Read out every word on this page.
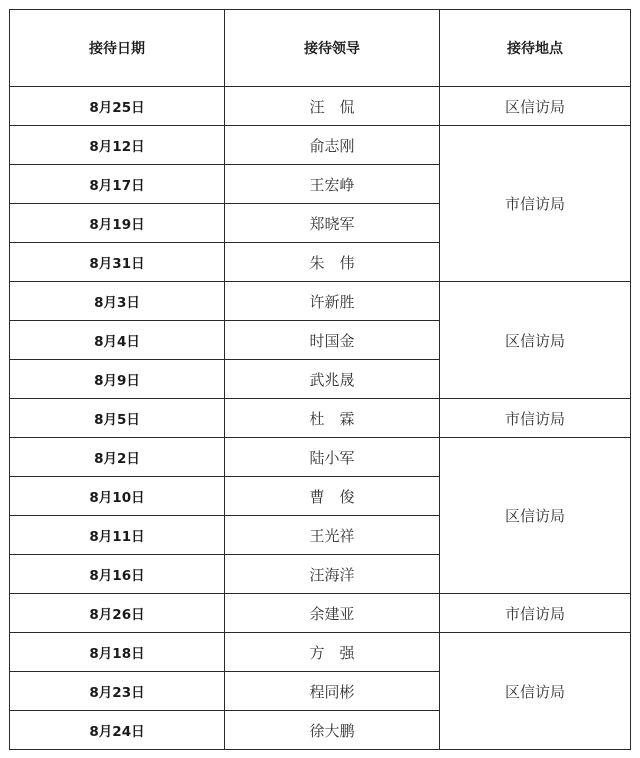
接待日期	接待领导	接待地点
8月25日	汪　侃	区信访局
8月12日	俞志刚	市信访局
8月17日	王宏峥	
8月19日	郑晓军	
8月31日	朱　伟	
8月3日	许新胜	区信访局
8月4日	时国金	
8月9日	武兆晟	
8月5日	杜　霖	市信访局
8月2日	陆小军	区信访局
8月10日	曹　俊	
8月11日	王光祥	
8月16日	汪海洋	
8月26日	余建亚	市信访局
8月18日	方　强	区信访局
8月23日	程同彬	
8月24日	徐大鹏	
